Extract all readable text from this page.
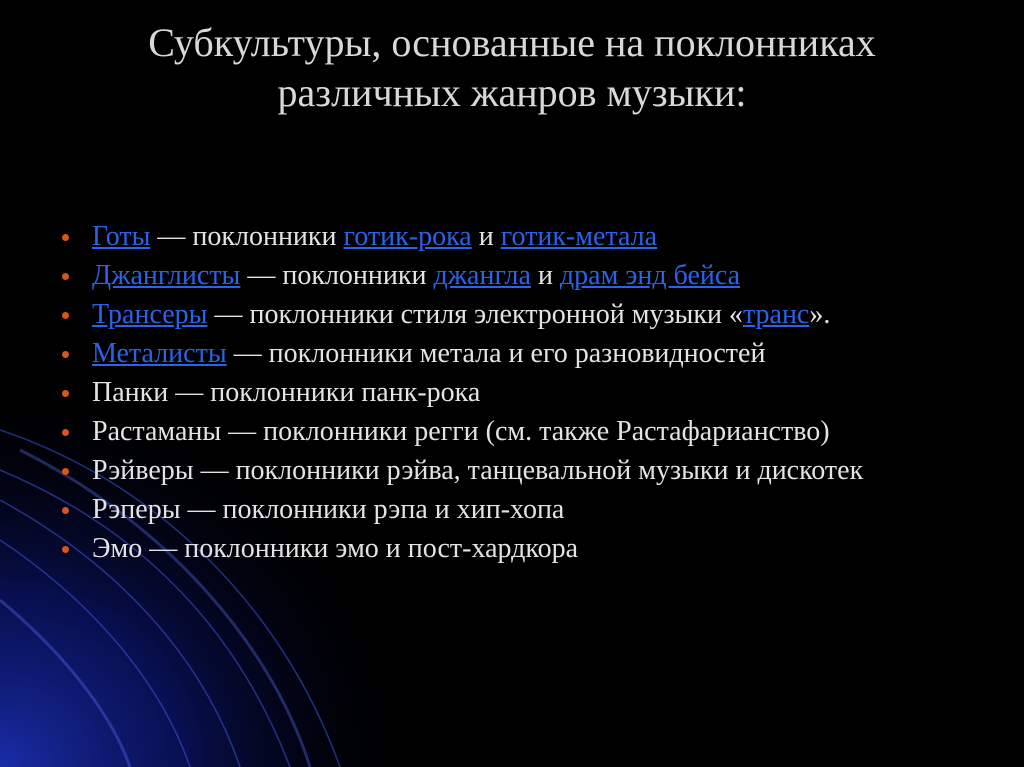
Субкультуры, основанные на поклонниках
различных жанров музыки:
Готы — поклонники готик-рока и готик-метала
Джанглисты — поклонники джангла и драм энд бейса
Трансеры — поклонники стиля электронной музыки «транс».
Металисты — поклонники метала и его разновидностей
Панки — поклонники панк-рока
Растаманы — поклонники регги (см. также Растафарианство)
Рэйверы — поклонники рэйва, танцевальной музыки и дискотек
Рэперы — поклонники рэпа и хип-хопа
Эмо — поклонники эмо и пост-хардкора
